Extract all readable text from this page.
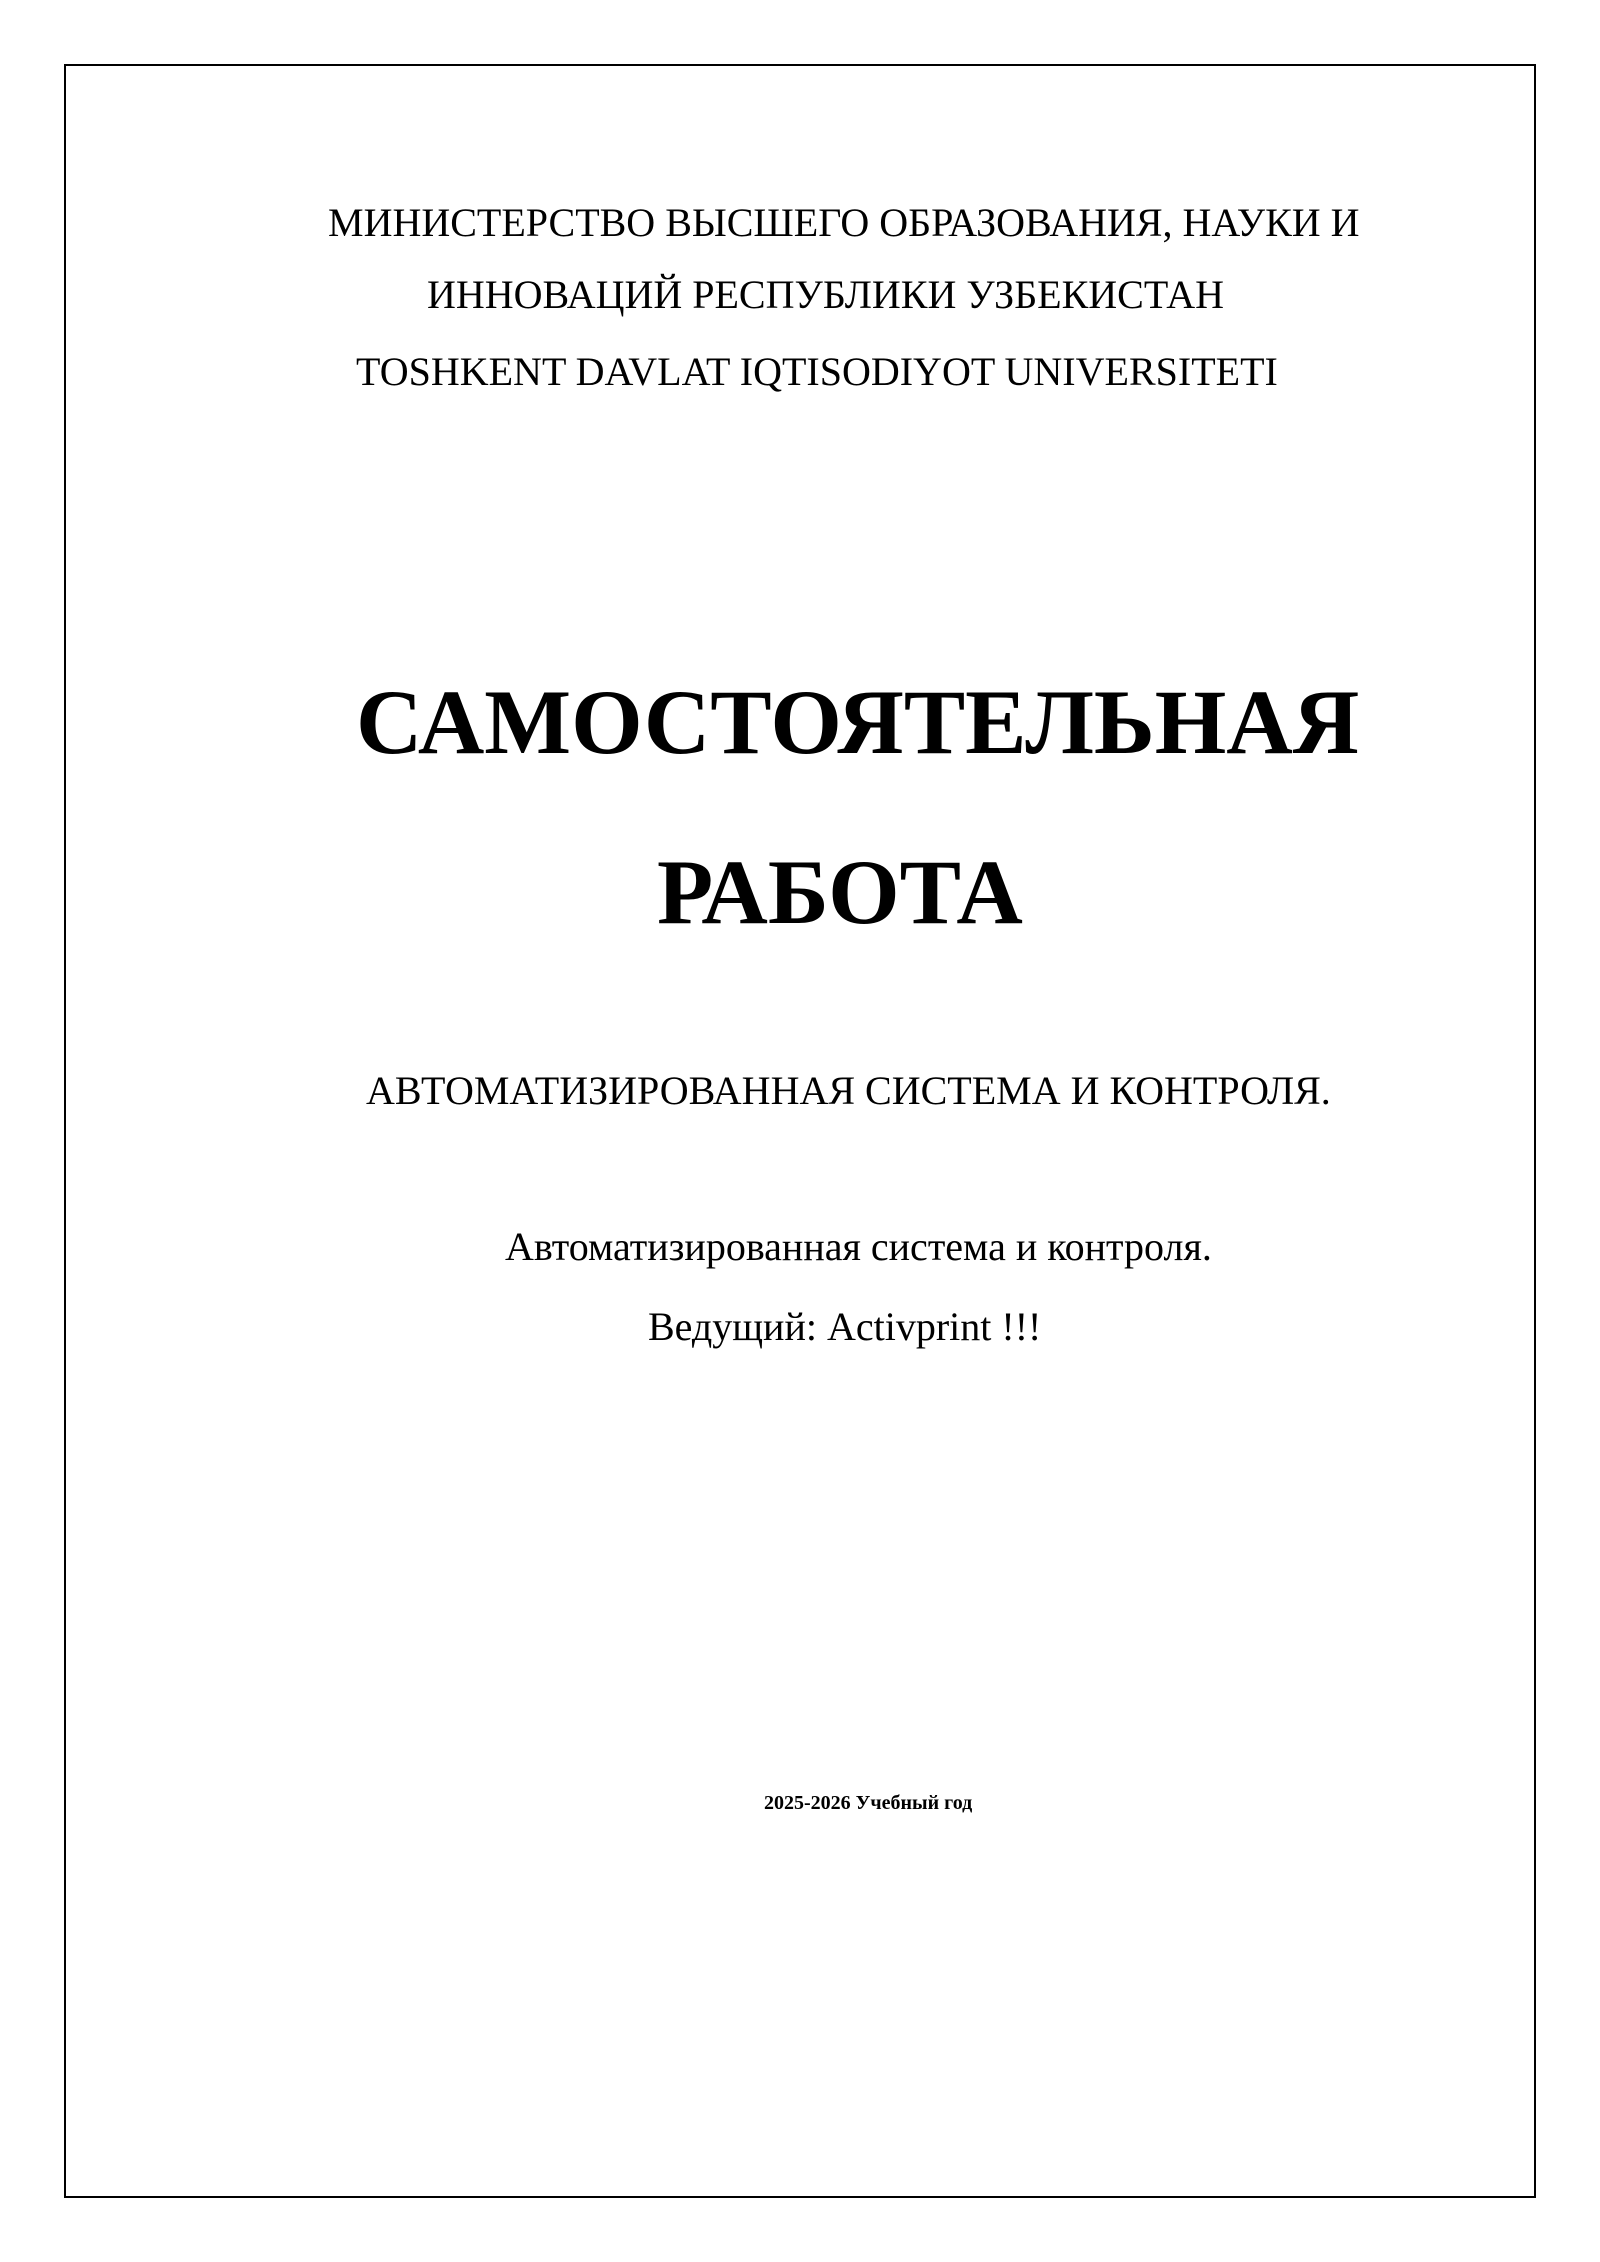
МИНИСТЕРСТВО ВЫСШЕГО ОБРАЗОВАНИЯ, НАУКИ И
ИННОВАЦИЙ РЕСПУБЛИКИ УЗБЕКИСТАН
TOSHKENT DAVLAT IQTISODIYOT UNIVERSITETI
САМОСТОЯТЕЛЬНАЯ
РАБОТА
АВТОМАТИЗИРОВАННАЯ СИСТЕМА И КОНТРОЛЯ.
Автоматизированная система и контроля.
Ведущий: Activprint !!!
2025-2026 Учебный год
